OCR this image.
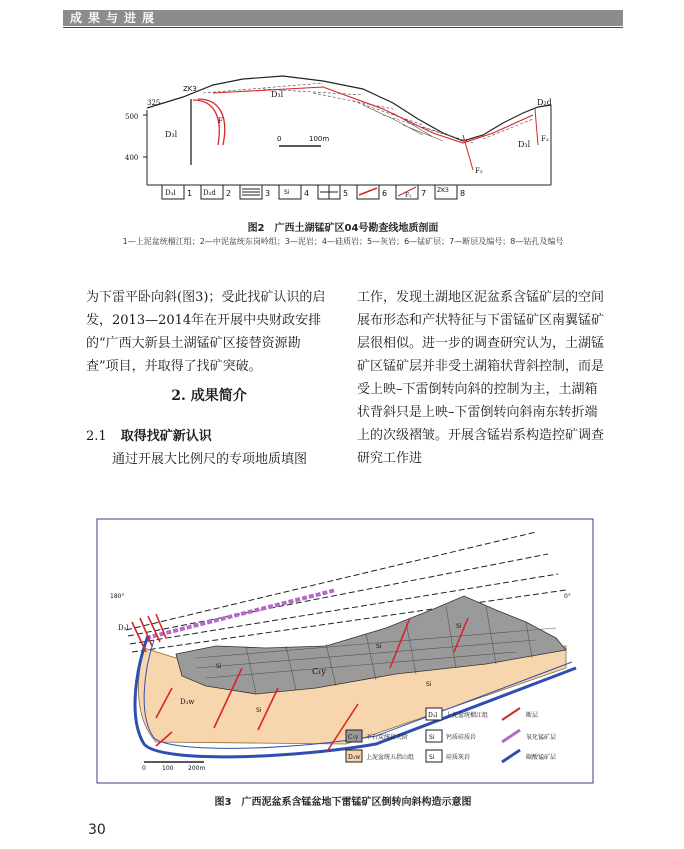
成果与进展
500
400
325
ZK3
F
F₂
F₃
D₃l
D₃l
D₃l
D₂d
0	100m
D₃l 1 D₂d 2	3 Si 4	5	6	F₂ 7 ZK3 8
图2　广西土湖锰矿区04号勘查线地质剖面
1—上泥盆统榴江组；2—中泥盆统东岗岭组；3—泥岩；4—硅质岩；5—灰岩；6—锰矿层；7—断层及编号；8—钻孔及编号

为下雷平卧向斜(图3)；受此找矿认识的启发，2013—2014年在开展中央财政安排的“广西大新县土湖锰矿区接替资源勘查”项目，并取得了找矿突破。

2. 成果简介
2.1 取得找矿新认识
通过开展大比例尺的专项地质填图

工作，发现土湖地区泥盆系含锰矿层的空间展布形态和产状特征与下雷锰矿区南翼锰矿层很相似。进一步的调查研究认为，土湖锰矿区锰矿层并非受土湖箱状背斜控制，而是受上映–下雷倒转向斜的控制为主，土湖箱状背斜只是上映–下雷倒转向斜南东转折端上的次级褶皱。开展含锰岩系构造控矿调查研究工作进

180°	0°
D₃l
C₁y
D₃w
Si
Si
Si
Si
Si
0	100 200m
D₃l 上泥盆统榴江组
C₁y 下石炭统岩关阶
D₃w 上泥盆统五指山组
Si 钙质硅质岩
Si 硅质灰岩
断层
氧化锰矿层
碳酸锰矿层
图3　广西泥盆系含锰盆地下雷锰矿区倒转向斜构造示意图
30
